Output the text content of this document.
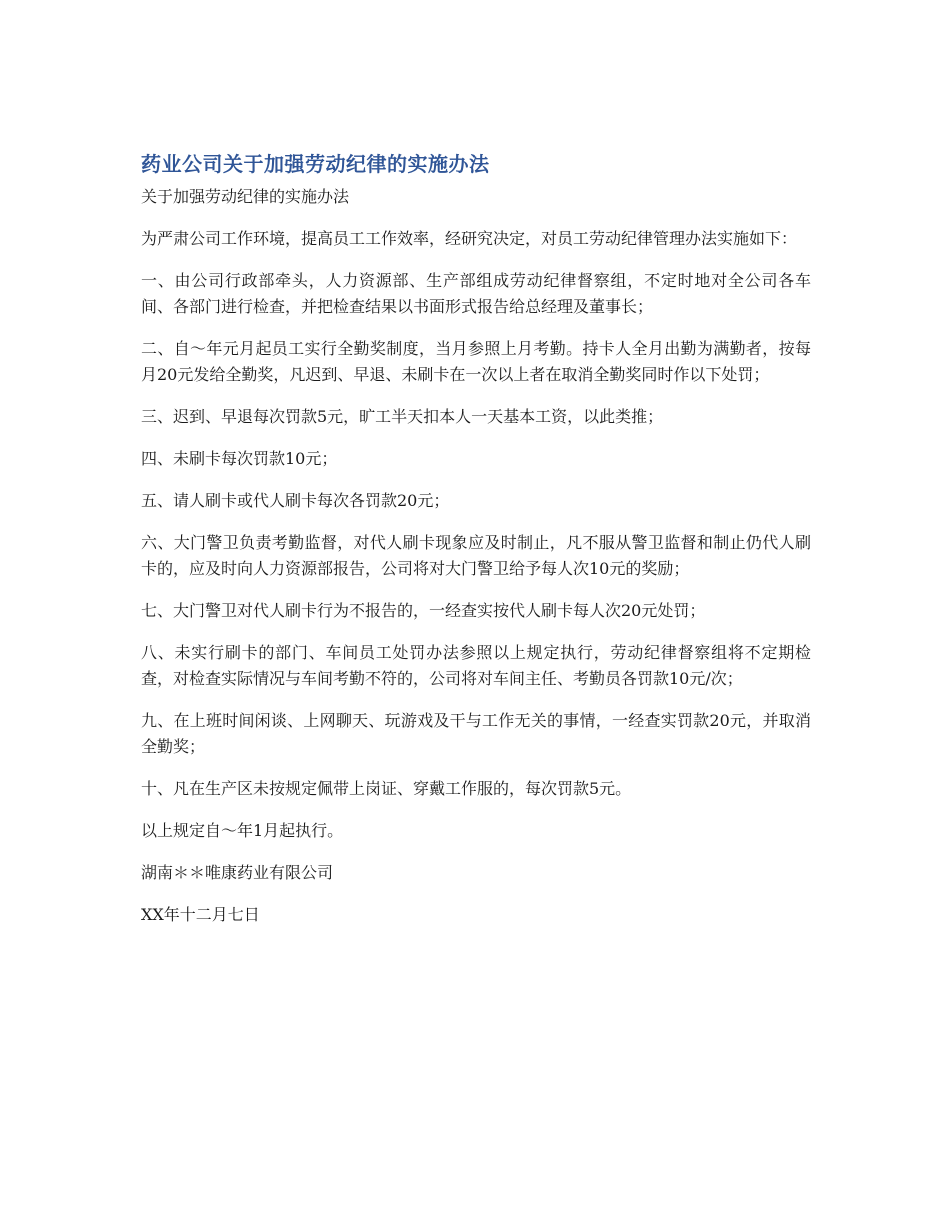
药业公司关于加强劳动纪律的实施办法

关于加强劳动纪律的实施办法

为严肃公司工作环境，提高员工工作效率，经研究决定，对员工劳动纪律管理办法实施如下：

一、由公司行政部牵头，人力资源部、生产部组成劳动纪律督察组，不定时地对全公司各车间、各部门进行检查，并把检查结果以书面形式报告给总经理及董事长；

二、自～年元月起员工实行全勤奖制度，当月参照上月考勤。持卡人全月出勤为满勤者，按每月20元发给全勤奖，凡迟到、早退、未刷卡在一次以上者在取消全勤奖同时作以下处罚；

三、迟到、早退每次罚款5元，旷工半天扣本人一天基本工资，以此类推；

四、未刷卡每次罚款10元；

五、请人刷卡或代人刷卡每次各罚款20元；

六、大门警卫负责考勤监督，对代人刷卡现象应及时制止，凡不服从警卫监督和制止仍代人刷卡的，应及时向人力资源部报告，公司将对大门警卫给予每人次10元的奖励；

七、大门警卫对代人刷卡行为不报告的，一经查实按代人刷卡每人次20元处罚；

八、未实行刷卡的部门、车间员工处罚办法参照以上规定执行，劳动纪律督察组将不定期检查，对检查实际情况与车间考勤不符的，公司将对车间主任、考勤员各罚款10元/次；

九、在上班时间闲谈、上网聊天、玩游戏及干与工作无关的事情，一经查实罚款20元，并取消全勤奖；

十、凡在生产区未按规定佩带上岗证、穿戴工作服的，每次罚款5元。

以上规定自～年1月起执行。

湖南＊＊唯康药业有限公司

XX年十二月七日
